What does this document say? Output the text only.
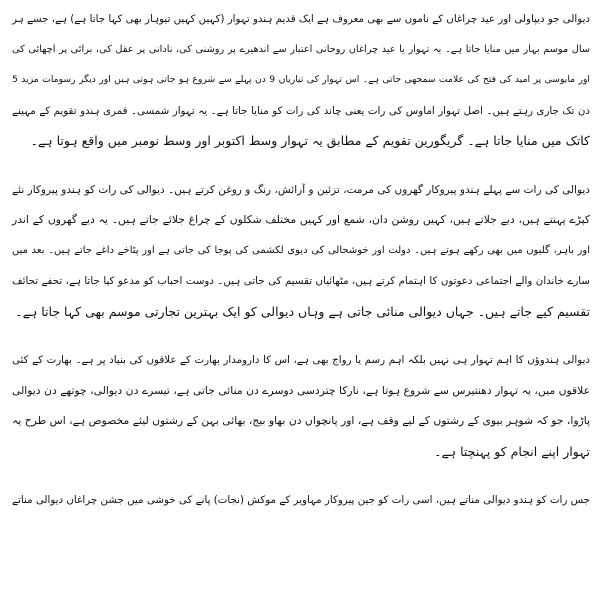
دیوالی جو دیپاولی اور عید چراغاں کے ناموں سے بھی معروف ہے ایک قدیم ہندو تہوار (کہیں کہیں تیوہار بھی کہا جاتا ہے) ہے، جسے ہر
سال موسم بہار میں منایا جاتا ہے۔ یہ تہوار یا عید چراغاں روحانی اعتبار سے اندھیرے پر روشنی کی، نادانی پر عقل کی، برائی پر اچھائی کی
اور مایوسی پر امید کی فتح کی علامت سمجھی جاتی ہے۔ اس تہوار کی تیاریاں 9 دن پہلے سے شروع ہو جاتی ہوتی ہیں اور دیگر رسومات مزید 5
دن تک جاری رہتے ہیں۔ اصل تہوار اماوس کی رات یعنی چاند کی رات کو منایا جاتا ہے۔ یہ تہوار شمسی۔ قمری ہندو تقویم کے مہینے
کاتک میں منایا جاتا ہے۔ گریگورین تقویم کے مطابق یہ تہوار وسط اکتوبر اور وسط نومبر میں واقع ہوتا ہے۔
دیوالی کی رات سے پہلے ہندو پیروکار گھروں کی مرمت، تزئین و آرائش، رنگ و روغن کرتے ہیں۔ دیوالی کی رات کو ہندو پیروکار نئے
کپڑے پہنتے ہیں، دیے جلاتے ہیں، کہیں روشن دان، شمع اور کہیں مختلف شکلوں کے چراغ جلائے جاتے ہیں۔ یہ دیے گھروں کے اندر
اور باہر، گلیوں میں بھی رکھے ہوتے ہیں۔ دولت اور خوشحالی کی دیوی لکشمی کی پوجا کی جاتی ہے اور پٹاخے داغے جاتے ہیں۔ بعد میں
سارے خاندان والے اجتماعی دعوتوں کا اہتمام کرتے ہیں، مٹھائیاں تقسیم کی جاتی ہیں۔ دوست احباب کو مدعو کیا جاتا ہے، تحفے تحائف
تقسیم کیے جاتے ہیں۔ جہاں دیوالی منائی جاتی ہے وہاں دیوالی کو ایک بہترین تجارتی موسم بھی کہا جاتا ہے۔
دیوالی ہندوؤں کا اہم تہوار ہی نہیں بلکہ اہم رسم یا رواج بھی ہے، اس کا دارومدار بھارت کے علاقوں کی بنیاد پر ہے۔ بھارت کے کئی
علاقوں میں، یہ تہوار دھنتیرس سے شروع ہوتا ہے، نارکا چتردسی دوسرے دن منائی جاتی ہے، تیسرے دن دیوالی، چوتھے دن دیوالی
پاڑوا، جو کہ شوہر بیوی کے رشتوں کے لیے وقف ہے، اور پانچواں دن بھاو بیج، بھائی بہن کے رشتوں لیئے مخصوص ہے، اس طرح یہ
تہوار اپنے انجام کو پہنچتا ہے۔
جس رات کو ہندو دیوالی مناتے ہیں، اسی رات کو جین پیروکار مہاویر کے موکش (نجات) پانے کی خوشی میں جشن چراغاں دیوالی مناتے
